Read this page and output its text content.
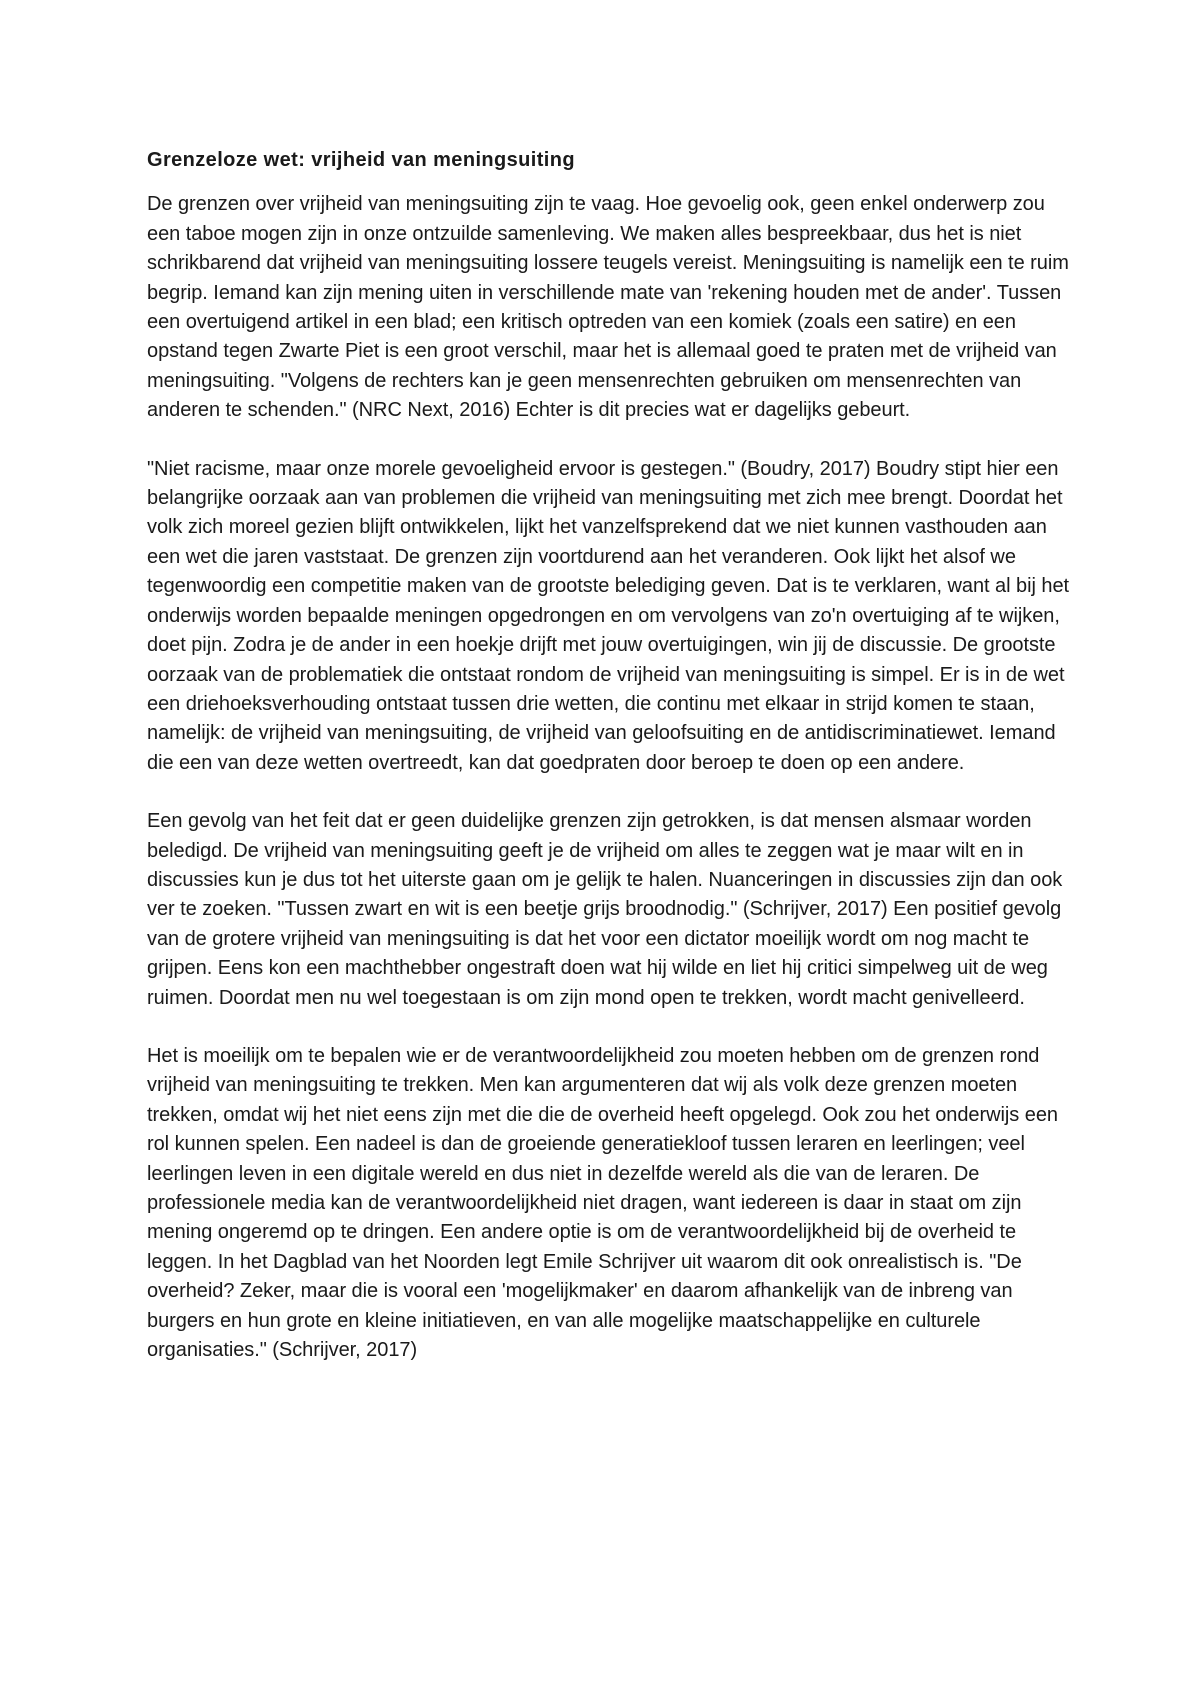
Grenzeloze wet: vrijheid van meningsuiting

De grenzen over vrijheid van meningsuiting zijn te vaag. Hoe gevoelig ook, geen enkel onderwerp zou een taboe mogen zijn in onze ontzuilde samenleving. We maken alles bespreekbaar, dus het is niet schrikbarend dat vrijheid van meningsuiting lossere teugels vereist. Meningsuiting is namelijk een te ruim begrip. Iemand kan zijn mening uiten in verschillende mate van 'rekening houden met de ander'. Tussen een overtuigend artikel in een blad; een kritisch optreden van een komiek (zoals een satire) en een opstand tegen Zwarte Piet is een groot verschil, maar het is allemaal goed te praten met de vrijheid van meningsuiting. "Volgens de rechters kan je geen mensenrechten gebruiken om mensenrechten van anderen te schenden." (NRC Next, 2016) Echter is dit precies wat er dagelijks gebeurt.

"Niet racisme, maar onze morele gevoeligheid ervoor is gestegen." (Boudry, 2017) Boudry stipt hier een belangrijke oorzaak aan van problemen die vrijheid van meningsuiting met zich mee brengt. Doordat het volk zich moreel gezien blijft ontwikkelen, lijkt het vanzelfsprekend dat we niet kunnen vasthouden aan een wet die jaren vaststaat. De grenzen zijn voortdurend aan het veranderen. Ook lijkt het alsof we tegenwoordig een competitie maken van de grootste belediging geven. Dat is te verklaren, want al bij het onderwijs worden bepaalde meningen opgedrongen en om vervolgens van zo'n overtuiging af te wijken, doet pijn. Zodra je de ander in een hoekje drijft met jouw overtuigingen, win jij de discussie. De grootste oorzaak van de problematiek die ontstaat rondom de vrijheid van meningsuiting is simpel. Er is in de wet een driehoeksverhouding ontstaat tussen drie wetten, die continu met elkaar in strijd komen te staan, namelijk: de vrijheid van meningsuiting, de vrijheid van geloofsuiting en de antidiscriminatiewet. Iemand die een van deze wetten overtreedt, kan dat goedpraten door beroep te doen op een andere.

Een gevolg van het feit dat er geen duidelijke grenzen zijn getrokken, is dat mensen alsmaar worden beledigd. De vrijheid van meningsuiting geeft je de vrijheid om alles te zeggen wat je maar wilt en in discussies kun je dus tot het uiterste gaan om je gelijk te halen. Nuanceringen in discussies zijn dan ook ver te zoeken. "Tussen zwart en wit is een beetje grijs broodnodig." (Schrijver, 2017) Een positief gevolg van de grotere vrijheid van meningsuiting is dat het voor een dictator moeilijk wordt om nog macht te grijpen. Eens kon een machthebber ongestraft doen wat hij wilde en liet hij critici simpelweg uit de weg ruimen. Doordat men nu wel toegestaan is om zijn mond open te trekken, wordt macht genivelleerd.

Het is moeilijk om te bepalen wie er de verantwoordelijkheid zou moeten hebben om de grenzen rond vrijheid van meningsuiting te trekken. Men kan argumenteren dat wij als volk deze grenzen moeten trekken, omdat wij het niet eens zijn met die die de overheid heeft opgelegd. Ook zou het onderwijs een rol kunnen spelen. Een nadeel is dan de groeiende generatiekloof tussen leraren en leerlingen; veel leerlingen leven in een digitale wereld en dus niet in dezelfde wereld als die van de leraren. De professionele media kan de verantwoordelijkheid niet dragen, want iedereen is daar in staat om zijn mening ongeremd op te dringen. Een andere optie is om de verantwoordelijkheid bij de overheid te leggen. In het Dagblad van het Noorden legt Emile Schrijver uit waarom dit ook onrealistisch is. "De overheid? Zeker, maar die is vooral een 'mogelijkmaker' en daarom afhankelijk van de inbreng van burgers en hun grote en kleine initiatieven, en van alle mogelijke maatschappelijke en culturele organisaties." (Schrijver, 2017)
